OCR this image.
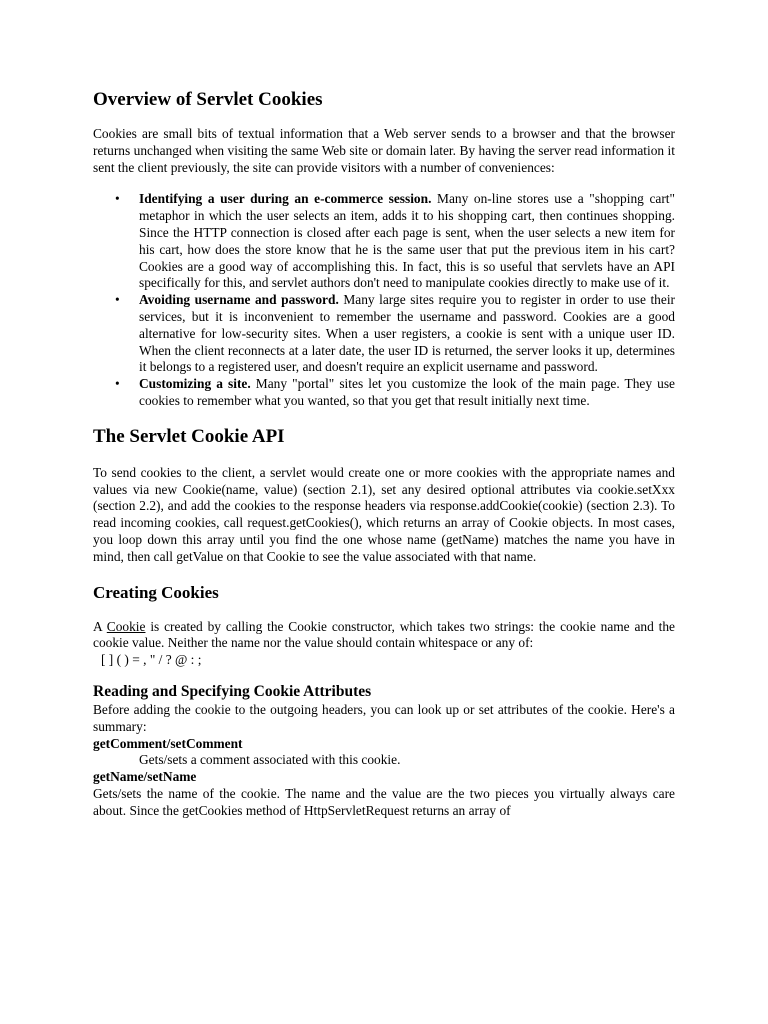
Overview of Servlet Cookies

Cookies are small bits of textual information that a Web server sends to a browser and that the browser returns unchanged when visiting the same Web site or domain later. By having the server read information it sent the client previously, the site can provide visitors with a number of conveniences:

• Identifying a user during an e-commerce session. Many on-line stores use a "shopping cart" metaphor in which the user selects an item, adds it to his shopping cart, then continues shopping. Since the HTTP connection is closed after each page is sent, when the user selects a new item for his cart, how does the store know that he is the same user that put the previous item in his cart? Cookies are a good way of accomplishing this. In fact, this is so useful that servlets have an API specifically for this, and servlet authors don't need to manipulate cookies directly to make use of it.
• Avoiding username and password. Many large sites require you to register in order to use their services, but it is inconvenient to remember the username and password. Cookies are a good alternative for low-security sites. When a user registers, a cookie is sent with a unique user ID. When the client reconnects at a later date, the user ID is returned, the server looks it up, determines it belongs to a registered user, and doesn't require an explicit username and password.
• Customizing a site. Many "portal" sites let you customize the look of the main page. They use cookies to remember what you wanted, so that you get that result initially next time.
The Servlet Cookie API

To send cookies to the client, a servlet would create one or more cookies with the appropriate names and values via new Cookie(name, value) (section 2.1), set any desired optional attributes via cookie.setXxx (section 2.2), and add the cookies to the response headers via response.addCookie(cookie) (section 2.3). To read incoming cookies, call request.getCookies(), which returns an array of Cookie objects. In most cases, you loop down this array until you find the one whose name (getName) matches the name you have in mind, then call getValue on that Cookie to see the value associated with that name.

Creating Cookies

A Cookie is created by calling the Cookie constructor, which takes two strings: the cookie name and the cookie value. Neither the name nor the value should contain whitespace or any of:

[ ] ( ) = , " / ? @ : ;
Reading and Specifying Cookie Attributes

Before adding the cookie to the outgoing headers, you can look up or set attributes of the cookie. Here's a summary:

getComment/setComment
Gets/sets a comment associated with this cookie.
getName/setName

Gets/sets the name of the cookie. The name and the value are the two pieces you virtually always care about. Since the getCookies method of HttpServletRequest returns an array of
